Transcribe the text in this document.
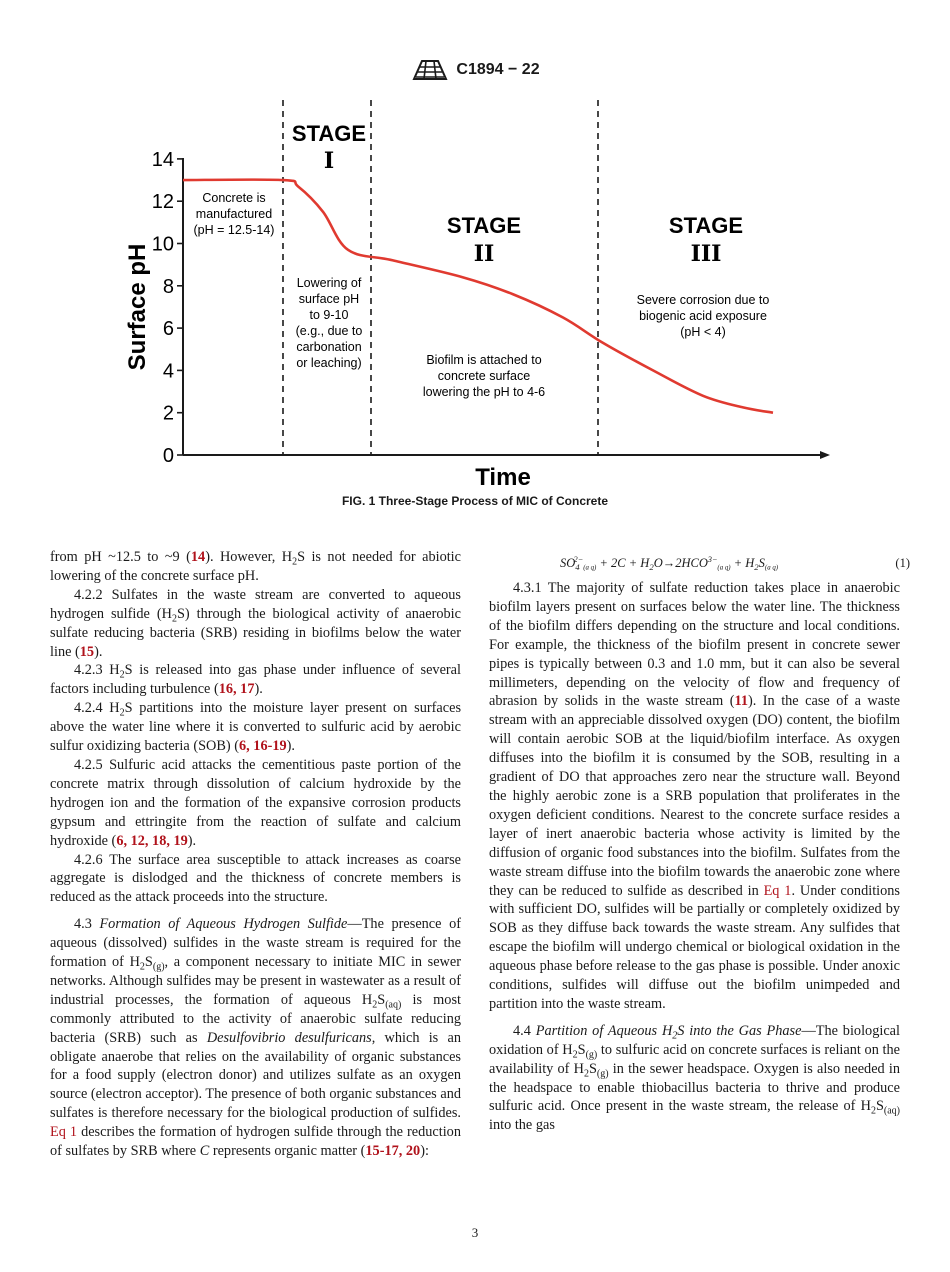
C1894 − 22
0
2
4
6
8
10
12
14
Surface pH
Time
STAGE
I
STAGE
II
STAGE
III
Concrete is
manufactured
(pH = 12.5-14)
Lowering of
surface pH
to 9-10
(e.g., due to
carbonation
or leaching)	Biofilm is attached to
concrete surface
lowering the pH to 4-6
Severe corrosion due to
biogenic acid exposure
(pH < 4)
FIG. 1 Three-Stage Process of MIC of Concrete
$SO_4^{2-}_{(a q)} + 2C + H_2O\to 2HCO^{3-}_{(a q)} + H_2S_{(a q)}$	(1)

from pH ~12.5 to ~9 (14). However, $H_2S$ is not needed for abiotic lowering of the concrete surface pH.

4.2.2 Sulfates in the waste stream are converted to aqueous hydrogen sulfide $(H_2S)$ through the biological activity of anaerobic sulfate reducing bacteria (SRB) residing in biofilms below the water line (15).

4.2.3 $H_2S$ is released into gas phase under influence of several factors including turbulence (16, 17).

4.2.4 $H_2S$ partitions into the moisture layer present on surfaces above the water line where it is converted to sulfuric acid by aerobic sulfur oxidizing bacteria (SOB) (6, 16-19).

4.2.5 Sulfuric acid attacks the cementitious paste portion of the concrete matrix through dissolution of calcium hydroxide by the hydrogen ion and the formation of the expansive corrosion products gypsum and ettringite from the reaction of sulfate and calcium hydroxide (6, 12, 18, 19).

4.2.6 The surface area susceptible to attack increases as coarse aggregate is dislodged and the thickness of concrete members is reduced as the attack proceeds into the structure.

4.3 Formation of Aqueous Hydrogen Sulfide—The presence of aqueous (dissolved) sulfides in the waste stream is required for the formation of $H_2S_{(g)}$, a component necessary to initiate MIC in sewer networks. Although sulfides may be present in wastewater as a result of industrial processes, the formation of aqueous $H_2S_{(aq)}$ is most commonly attributed to the activity of anaerobic sulfate reducing bacteria (SRB) such as Desulfovibrio desulfuricans, which is an obligate anaerobe that relies on the availability of organic substances for a food supply (electron donor) and utilizes sulfate as an oxygen source (electron acceptor). The presence of both organic substances and sulfates is therefore necessary for the biological production of sulfides. Eq 1 describes the formation of hydrogen sulfide through the reduction of sulfates by SRB where C represents organic matter (15-17, 20):

4.3.1 The majority of sulfate reduction takes place in anaerobic biofilm layers present on surfaces below the water line. The thickness of the biofilm differs depending on the structure and local conditions. For example, the thickness of the biofilm present in concrete sewer pipes is typically between 0.3 and 1.0 mm, but it can also be several millimeters, depending on the velocity of flow and frequency of abrasion by solids in the waste stream (11). In the case of a waste stream with an appreciable dissolved oxygen (DO) content, the biofilm will contain aerobic SOB at the liquid/biofilm interface. As oxygen diffuses into the biofilm it is consumed by the SOB, resulting in a gradient of DO that approaches zero near the structure wall. Beyond the highly aerobic zone is a SRB population that proliferates in the oxygen deficient conditions. Nearest to the concrete surface resides a layer of inert anaerobic bacteria whose activity is limited by the diffusion of organic food substances into the biofilm. Sulfates from the waste stream diffuse into the biofilm towards the anaerobic zone where they can be reduced to sulfide as described in Eq 1. Under conditions with sufficient DO, sulfides will be partially or completely oxidized by SOB as they diffuse back towards the waste stream. Any sulfides that escape the biofilm will undergo chemical or biological oxidation in the aqueous phase before release to the gas phase is possible. Under anoxic conditions, sulfides will diffuse out the biofilm unimpeded and partition into the waste stream.

4.4 Partition of Aqueous $H_2S$ into the Gas Phase—The biological oxidation of $H_2S_{(g)}$ to sulfuric acid on concrete surfaces is reliant on the availability of $H_2S_{(g)}$ in the sewer headspace. Oxygen is also needed in the headspace to enable thiobacillus bacteria to thrive and produce sulfuric acid. Once present in the waste stream, the release of $H_2S_{(aq)}$ into the gas

3
